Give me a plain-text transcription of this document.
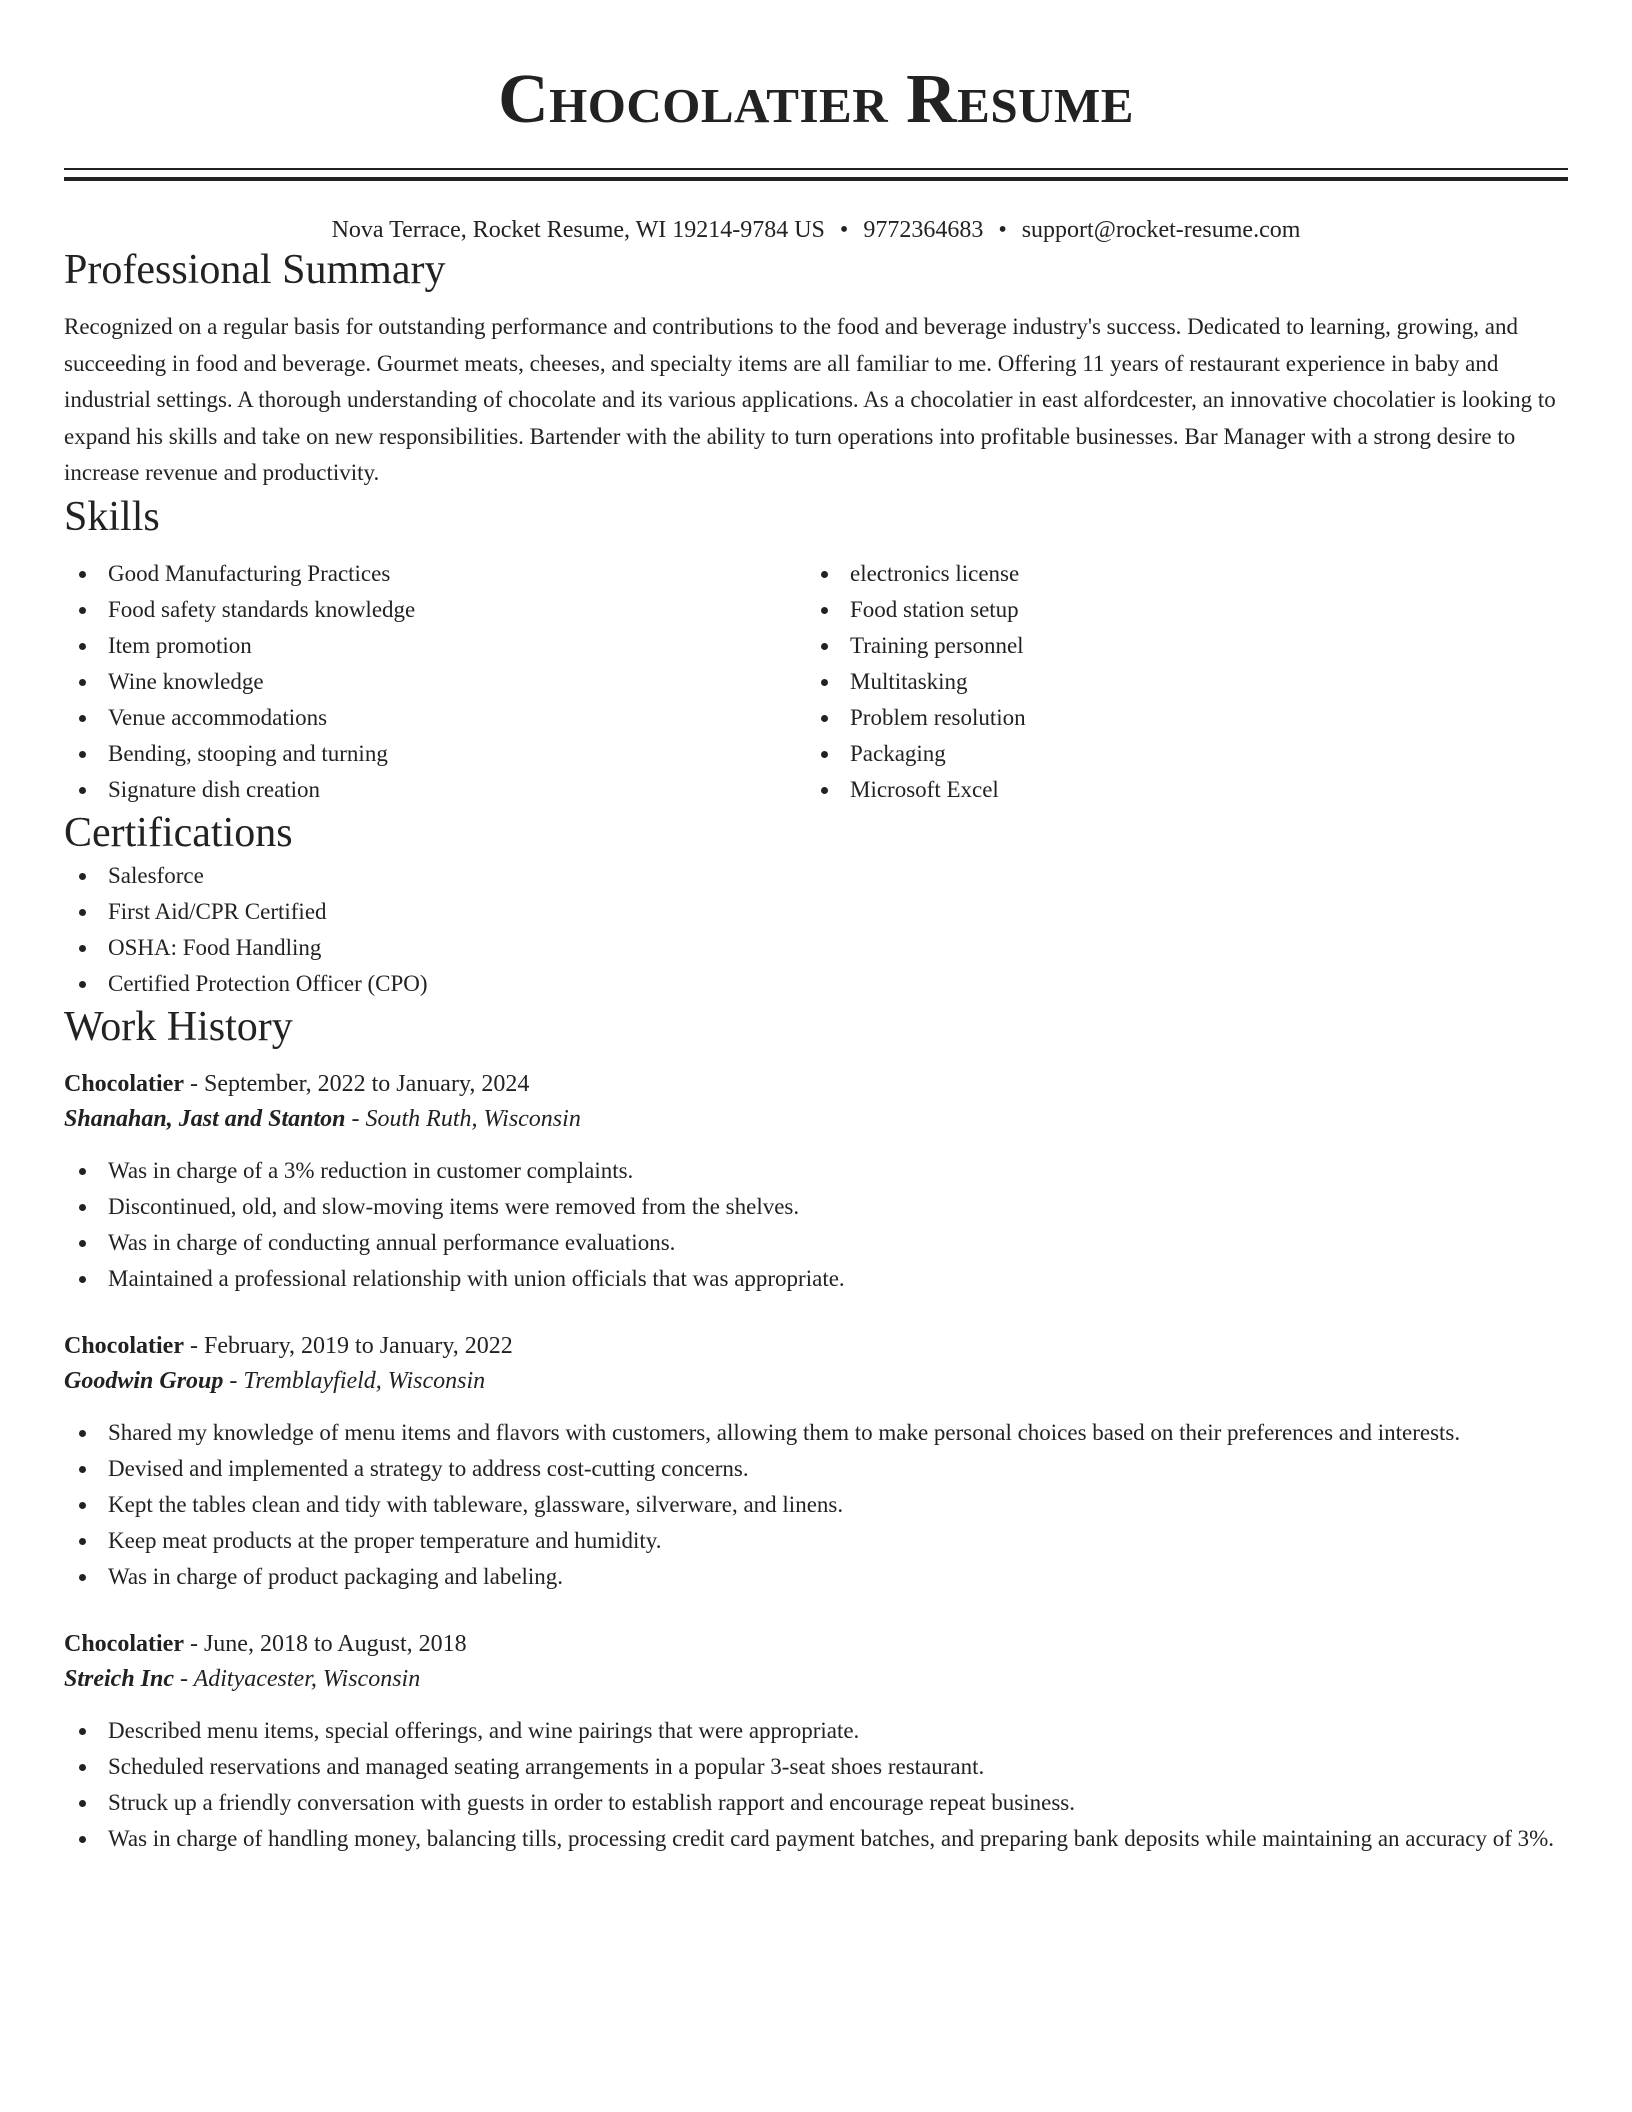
Chocolatier Resume
Nova Terrace, Rocket Resume, WI 19214-9784 US • 9772364683 • support@rocket-resume.com
Professional Summary

Recognized on a regular basis for outstanding performance and contributions to the food and beverage industry's success. Dedicated to learning, growing, and succeeding in food and beverage. Gourmet meats, cheeses, and specialty items are all familiar to me. Offering 11 years of restaurant experience in baby and industrial settings. A thorough understanding of chocolate and its various applications. As a chocolatier in east alfordcester, an innovative chocolatier is looking to expand his skills and take on new responsibilities. Bartender with the ability to turn operations into profitable businesses. Bar Manager with a strong desire to increase revenue and productivity.

Skills
Good Manufacturing Practices
Food safety standards knowledge
Item promotion
Wine knowledge
Venue accommodations
Bending, stooping and turning
Signature dish creation
electronics license
Food station setup
Training personnel
Multitasking
Problem resolution
Packaging
Microsoft Excel
Certifications
Salesforce
First Aid/CPR Certified
OSHA: Food Handling
Certified Protection Officer (CPO)
Work History
Chocolatier - September, 2022 to January, 2024
Shanahan, Jast and Stanton - South Ruth, Wisconsin
Was in charge of a 3% reduction in customer complaints.
Discontinued, old, and slow-moving items were removed from the shelves.
Was in charge of conducting annual performance evaluations.
Maintained a professional relationship with union officials that was appropriate.
Chocolatier - February, 2019 to January, 2022
Goodwin Group - Tremblayfield, Wisconsin
Shared my knowledge of menu items and flavors with customers, allowing them to make personal choices based on their preferences and interests.
Devised and implemented a strategy to address cost-cutting concerns.
Kept the tables clean and tidy with tableware, glassware, silverware, and linens.
Keep meat products at the proper temperature and humidity.
Was in charge of product packaging and labeling.
Chocolatier - June, 2018 to August, 2018
Streich Inc - Adityacester, Wisconsin
Described menu items, special offerings, and wine pairings that were appropriate.
Scheduled reservations and managed seating arrangements in a popular 3-seat shoes restaurant.
Struck up a friendly conversation with guests in order to establish rapport and encourage repeat business.
Was in charge of handling money, balancing tills, processing credit card payment batches, and preparing bank deposits while maintaining an accuracy of 3%.
